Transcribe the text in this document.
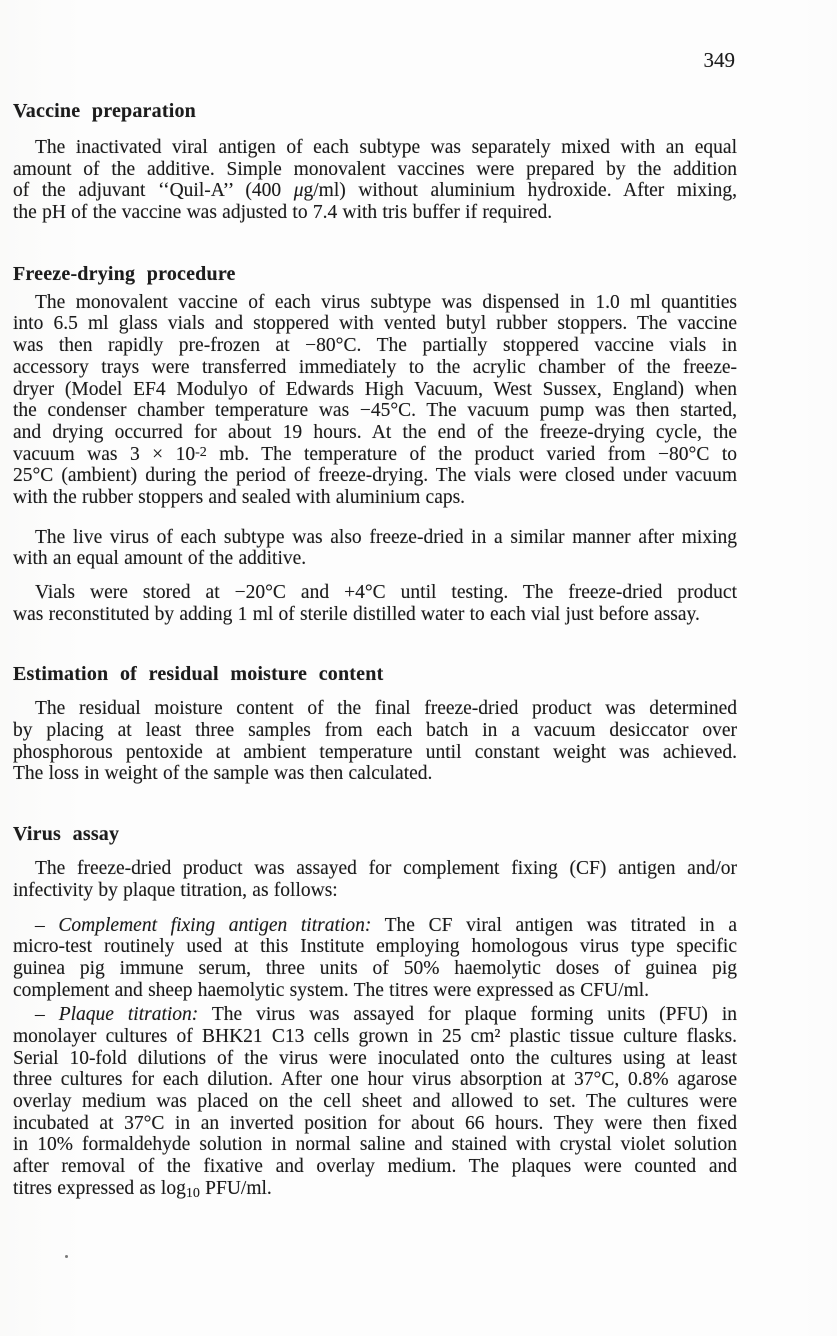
349
Vaccine preparation
The inactivated viral antigen of each subtype was separately mixed with an equal
amount of the additive. Simple monovalent vaccines were prepared by the addition
of the adjuvant ‘‘Quil-A’’ (400 μg/ml) without aluminium hydroxide. After mixing,
the pH of the vaccine was adjusted to 7.4 with tris buffer if required.
Freeze-drying procedure
The monovalent vaccine of each virus subtype was dispensed in 1.0 ml quantities
into 6.5 ml glass vials and stoppered with vented butyl rubber stoppers. The vaccine
was then rapidly pre-frozen at −80°C. The partially stoppered vaccine vials in
accessory trays were transferred immediately to the acrylic chamber of the freeze-
dryer (Model EF4 Modulyo of Edwards High Vacuum, West Sussex, England) when
the condenser chamber temperature was −45°C. The vacuum pump was then started,
and drying occurred for about 19 hours. At the end of the freeze-drying cycle, the
vacuum was $3 \times 10^{-2}$ mb. The temperature of the product varied from −80°C to
25°C (ambient) during the period of freeze-drying. The vials were closed under vacuum
with the rubber stoppers and sealed with aluminium caps.
The live virus of each subtype was also freeze-dried in a similar manner after mixing
with an equal amount of the additive.
Vials were stored at −20°C and +4°C until testing. The freeze-dried product
was reconstituted by adding 1 ml of sterile distilled water to each vial just before assay.
Estimation of residual moisture content
The residual moisture content of the final freeze-dried product was determined
by placing at least three samples from each batch in a vacuum desiccator over
phosphorous pentoxide at ambient temperature until constant weight was achieved.
The loss in weight of the sample was then calculated.
Virus assay
The freeze-dried product was assayed for complement fixing (CF) antigen and/or
infectivity by plaque titration, as follows:
– Complement fixing antigen titration: The CF viral antigen was titrated in a
micro-test routinely used at this Institute employing homologous virus type specific
guinea pig immune serum, three units of 50% haemolytic doses of guinea pig
complement and sheep haemolytic system. The titres were expressed as CFU/ml.
– Plaque titration: The virus was assayed for plaque forming units (PFU) in
monolayer cultures of BHK21 C13 cells grown in 25 cm² plastic tissue culture flasks.
Serial 10-fold dilutions of the virus were inoculated onto the cultures using at least
three cultures for each dilution. After one hour virus absorption at 37°C, 0.8% agarose
overlay medium was placed on the cell sheet and allowed to set. The cultures were
incubated at 37°C in an inverted position for about 66 hours. They were then fixed
in 10% formaldehyde solution in normal saline and stained with crystal violet solution
after removal of the fixative and overlay medium. The plaques were counted and
titres expressed as $\log_{10} PFU/ml$.
